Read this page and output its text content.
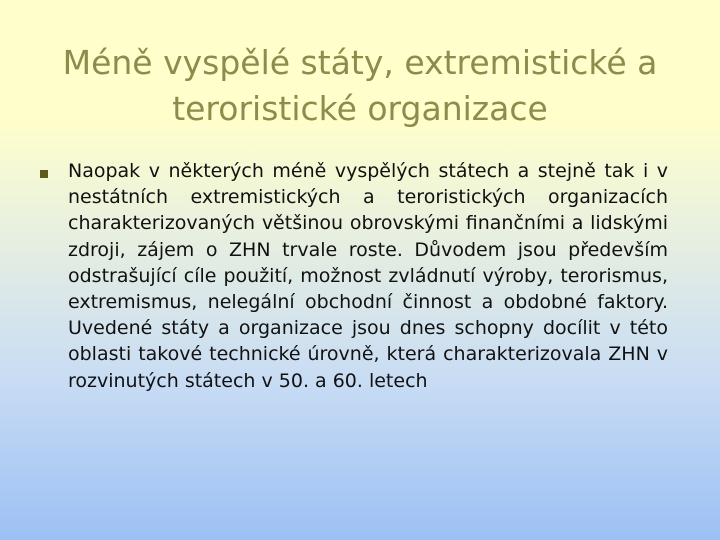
Méně vyspělé státy, extremistické a teroristické organizace
Naopak v některých méně vyspělých státech a stejně tak i v nestátních extremistických a teroristických organizacích charakterizovaných většinou obrovskými finančními a lidskými zdroji, zájem o ZHN trvale roste. Důvodem jsou především odstrašující cíle použití, možnost zvládnutí výroby, terorismus, extremismus, nelegální obchodní činnost a obdobné faktory. Uvedené státy a organizace jsou dnes schopny docílit v této oblasti takové technické úrovně, která charakterizovala ZHN v rozvinutých státech v 50. a 60. letech
